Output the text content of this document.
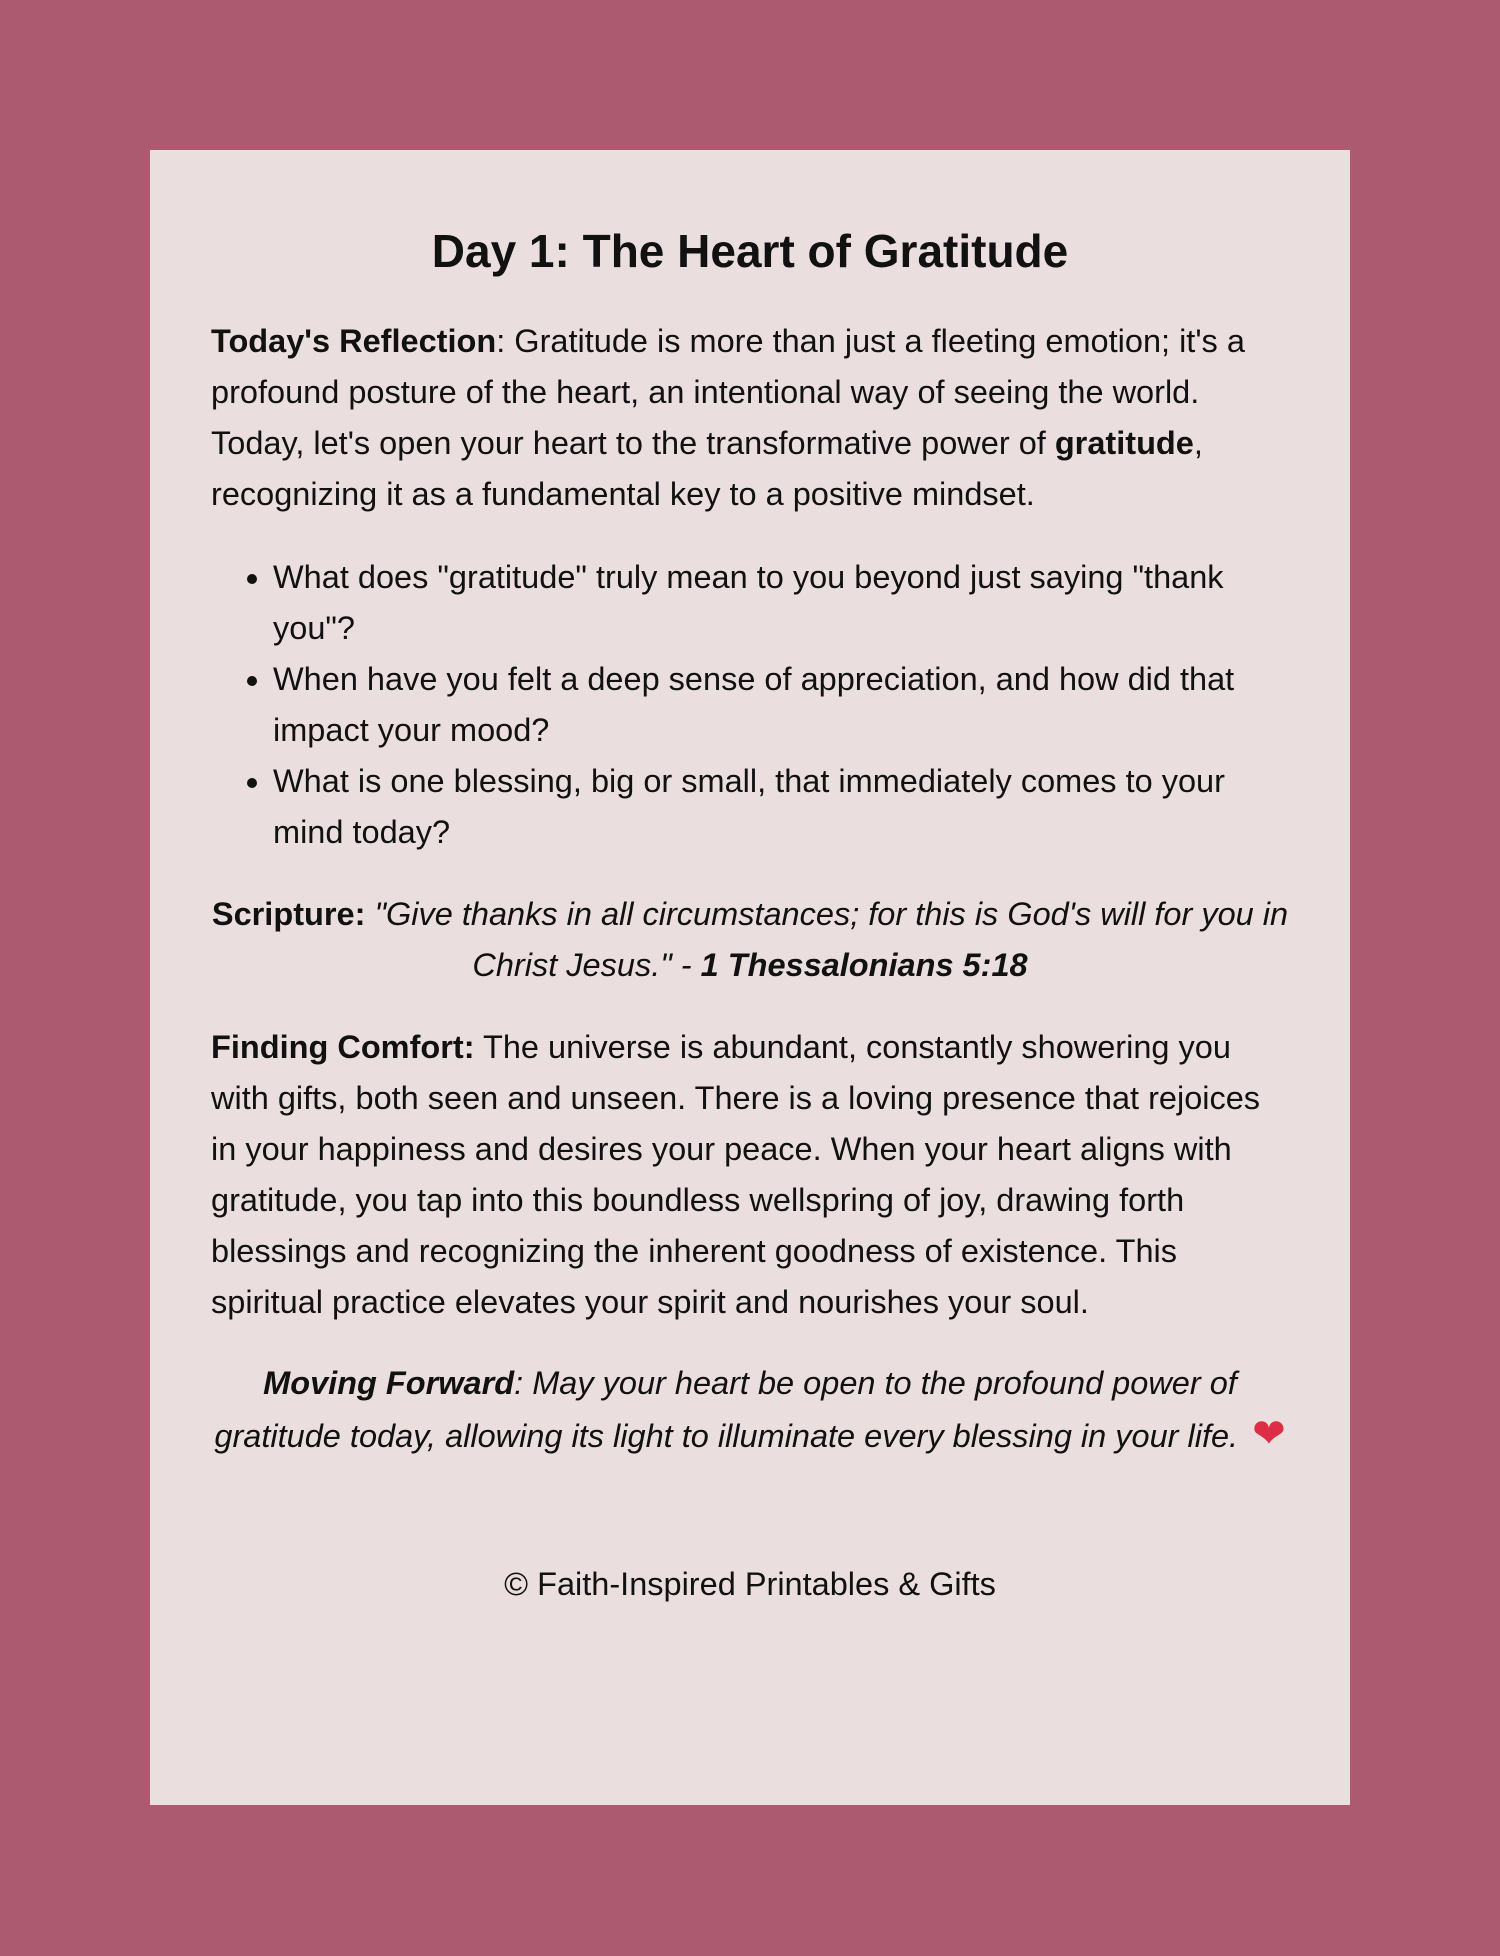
Day 1: The Heart of Gratitude

Today's Reflection: Gratitude is more than just a fleeting emotion; it's a profound posture of the heart, an intentional way of seeing the world. Today, let's open your heart to the transformative power of gratitude, recognizing it as a fundamental key to a positive mindset.

• What does "gratitude" truly mean to you beyond just saying "thank you"?
• When have you felt a deep sense of appreciation, and how did that impact your mood?
• What is one blessing, big or small, that immediately comes to your mind today?

Scripture: "Give thanks in all circumstances; for this is God's will for you in Christ Jesus." - 1 Thessalonians 5:18

Finding Comfort: The universe is abundant, constantly showering you with gifts, both seen and unseen. There is a loving presence that rejoices in your happiness and desires your peace. When your heart aligns with gratitude, you tap into this boundless wellspring of joy, drawing forth blessings and recognizing the inherent goodness of existence. This spiritual practice elevates your spirit and nourishes your soul.

Moving Forward: May your heart be open to the profound power of gratitude today, allowing its light to illuminate every blessing in your life. ❤

© Faith-Inspired Printables & Gifts
